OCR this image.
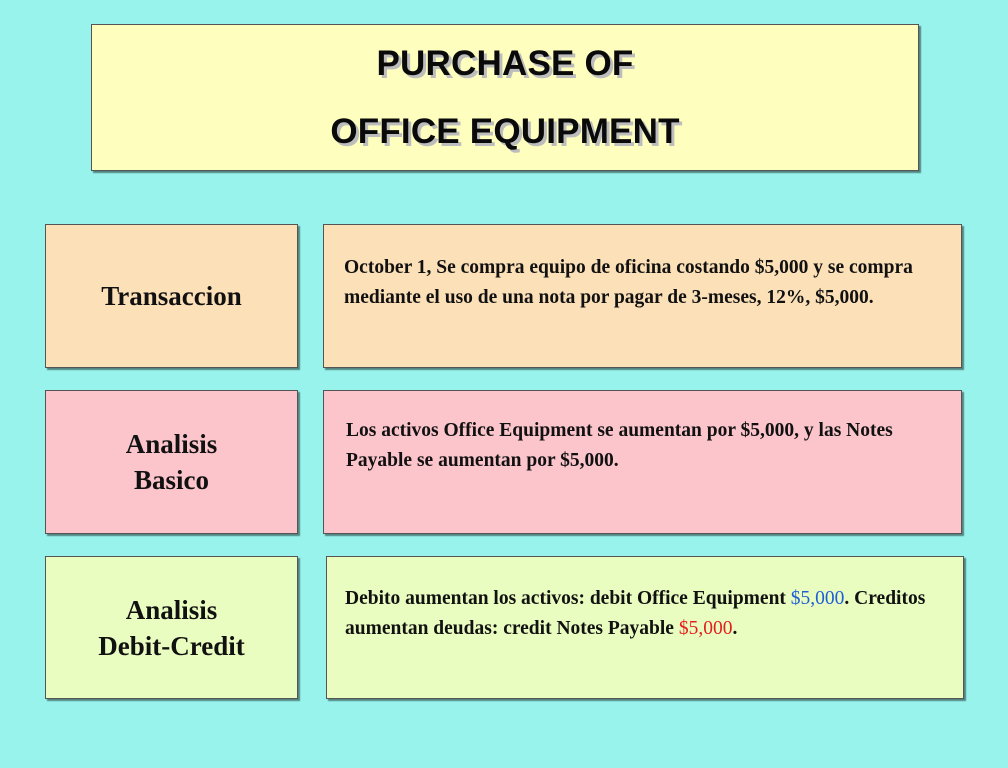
PURCHASE OF
OFFICE EQUIPMENT
Transaccion
October 1, Se compra equipo de oficina costando $5,000 y se compra mediante el uso de una nota por pagar de 3-meses, 12%, $5,000.
Analisis
Basico
Los activos Office Equipment se aumentan por $5,000, y las Notes Payable se aumentan por $5,000.
Analisis
Debit-Credit
Debito aumentan los activos: debit Office Equipment $5,000. Creditos aumentan deudas: credit Notes Payable $5,000.
